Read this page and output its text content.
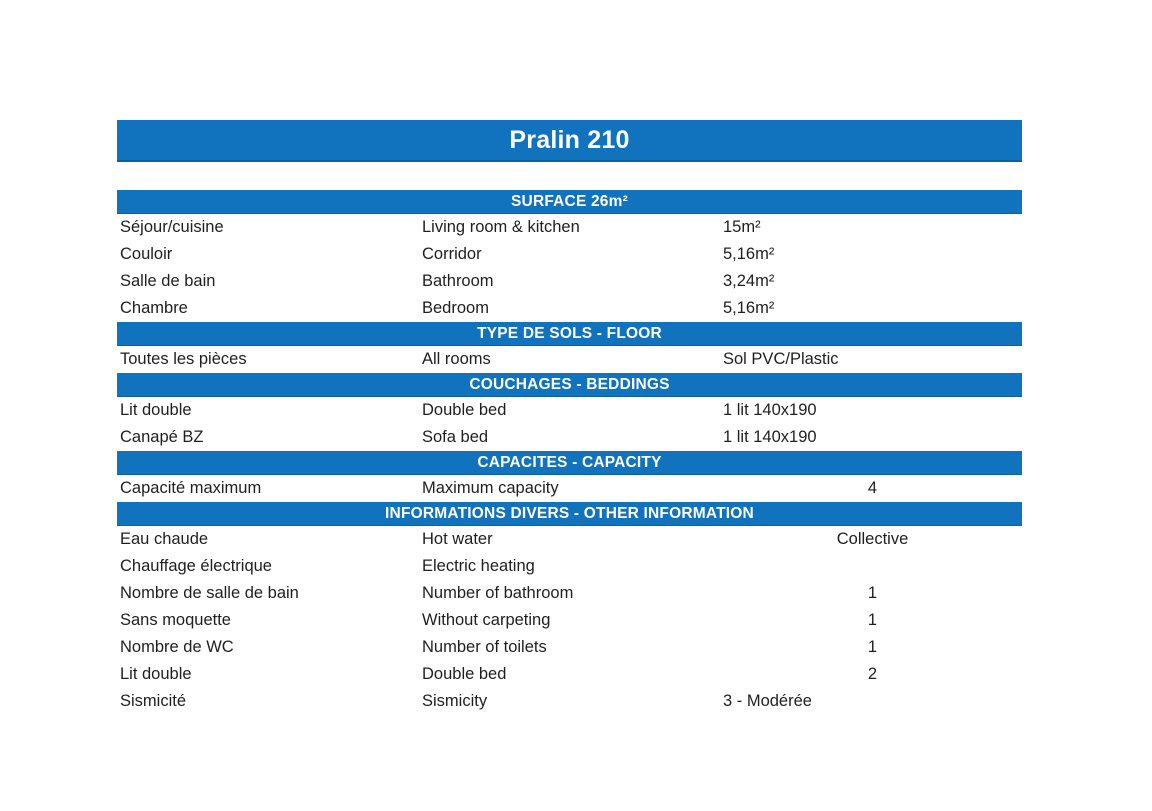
Pralin 210
SURFACE 26m²
Séjour/cuisine	Living room & kitchen	15m²
Couloir	Corridor	5,16m²
Salle de bain	Bathroom	3,24m²
Chambre	Bedroom	5,16m²
TYPE DE SOLS - FLOOR
Toutes les pièces	All rooms	Sol PVC/Plastic
COUCHAGES - BEDDINGS
Lit double	Double bed	1 lit 140x190
Canapé BZ	Sofa bed	1 lit 140x190
CAPACITES - CAPACITY
Capacité maximum	Maximum capacity	4
INFORMATIONS DIVERS - OTHER INFORMATION
Eau chaude	Hot water	Collective
Chauffage électrique	Electric heating
Nombre de salle de bain	Number of bathroom	1
Sans moquette	Without carpeting	1
Nombre de WC	Number of toilets	1
Lit double	Double bed	2
Sismicité	Sismicity	3 - Modérée
